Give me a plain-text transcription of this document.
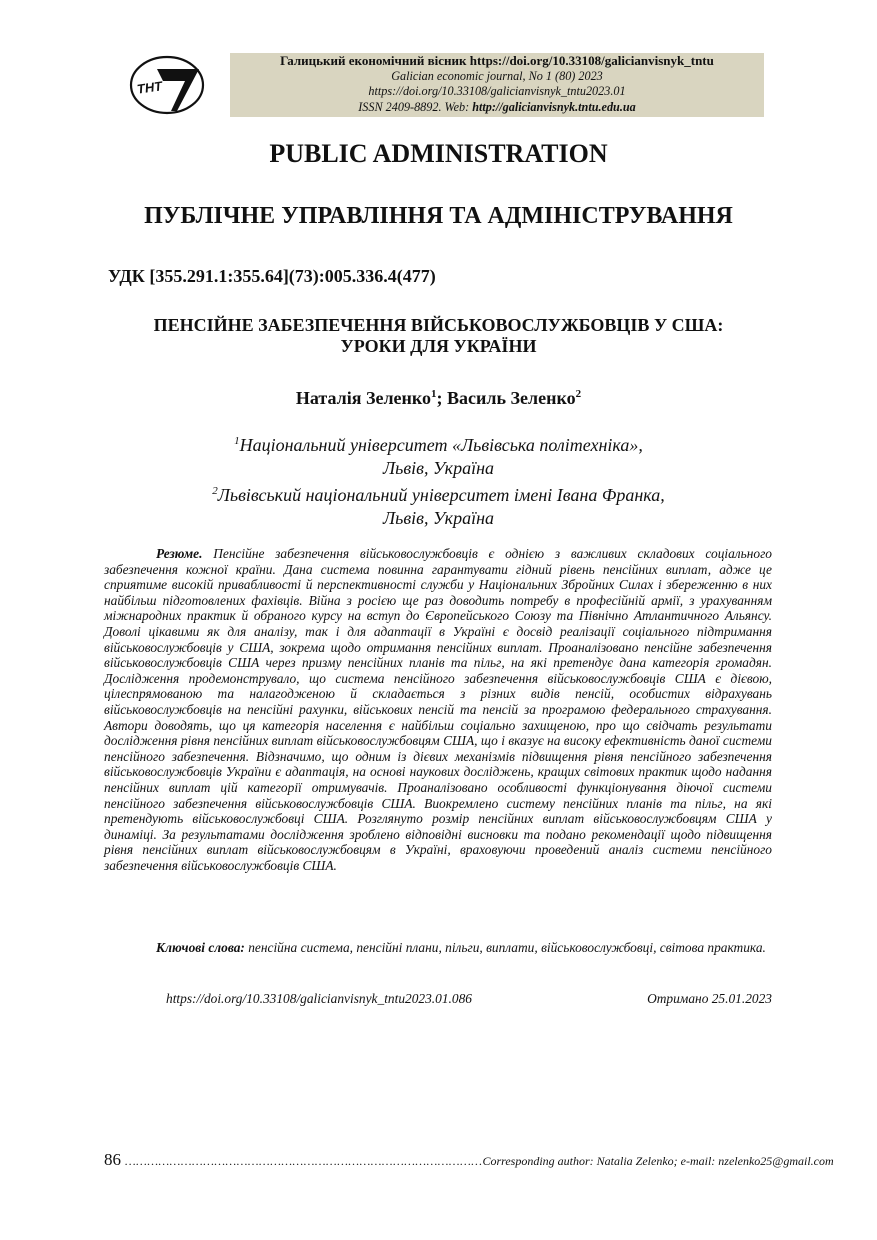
THT
Галицький економічний вісник https://doi.org/10.33108/galicianvisnyk_tntu
Galician economic journal, No 1 (80) 2023
https://doi.org/10.33108/galicianvisnyk_tntu2023.01
ISSN 2409-8892. Web: http://galicianvisnyk.tntu.edu.ua
PUBLIC ADMINISTRATION
ПУБЛІЧНЕ УПРАВЛІННЯ ТА АДМІНІСТРУВАННЯ
УДК [355.291.1:355.64](73):005.336.4(477)
ПЕНСІЙНЕ ЗАБЕЗПЕЧЕННЯ ВІЙСЬКОВОСЛУЖБОВЦІВ У США:
УРОКИ ДЛЯ УКРАЇНИ
Наталія Зеленко$^1$; Василь Зеленко$^2$
$^1$Національний університет «Львівська політехніка»,
Львів, Україна
$^2$Львівський національний університет імені Івана Франка,
Львів, Україна

Резюме. Пенсійне забезпечення військовослужбовців є однією з важливих складових соціального забезпечення кожної країни. Дана система повинна гарантувати гідний рівень пенсійних виплат, адже це сприятиме високій привабливості й перспективності служби у Національних Збройних Силах і збереженню в них найбільш підготовлених фахівців. Війна з росією ще раз доводить потребу в професійній армії, з урахуванням міжнародних практик й обраного курсу на вступ до Європейського Союзу та Північно Атлантичного Альянсу. Доволі цікавими як для аналізу, так і для адаптації в Україні є досвід реалізації соціального підтримання військовослужбовців у США, зокрема щодо отримання пенсійних виплат. Проаналізовано пенсійне забезпечення військовослужбовців США через призму пенсійних планів та пільг, на які претендує дана категорія громадян. Дослідження продемонструвало, що система пенсійного забезпечення військовослужбовців США є дієвою, цілеспрямованою та налагодженою й складається з різних видів пенсій, особистих відрахувань військовослужбовців на пенсійні рахунки, військових пенсій та пенсій за програмою федерального страхування. Автори доводять, що ця категорія населення є найбільш соціально захищеною, про що свідчать результати дослідження рівня пенсійних виплат військовослужбовцям США, що і вказує на високу ефективність даної системи пенсійного забезпечення. Відзначимо, що одним із дієвих механізмів підвищення рівня пенсійного забезпечення військовослужбовців України є адаптація, на основі наукових досліджень, кращих світових практик щодо надання пенсійних виплат цій категорії отримувачів. Проаналізовано особливості функціонування діючої системи пенсійного забезпечення військовослужбовців США. Виокремлено систему пенсійних планів та пільг, на які претендують військовослужбовці США. Розглянуто розмір пенсійних виплат військовослужбовцям США у динаміці. За результатами дослідження зроблено відповідні висновки та подано рекомендації щодо підвищення рівня пенсійних виплат військовослужбовцям в Україні, враховуючи проведений аналіз системи пенсійного забезпечення військовослужбовців США.

Ключові слова: пенсійна система, пенсійні плани, пільги, виплати, військовослужбовці, світова практика.

https://doi.org/10.33108/galicianvisnyk_tntu2023.01.086	Отримано 25.01.2023
86 …………………………………………………………………………………… Corresponding author: Natalia Zelenko; e-mail: nzelenko25@gmail.com
